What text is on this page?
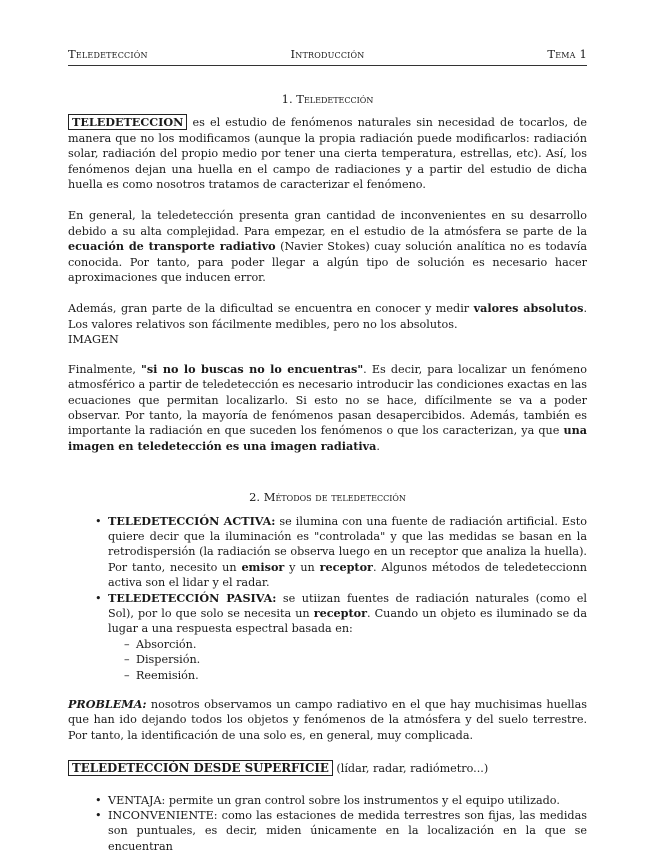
Teledetección	Introducción	Tema 1
1. Teledetección

TELEDETECCION es el estudio de fenómenos naturales sin necesidad de tocarlos, de manera que no los modificamos (aunque la propia radiación puede modificarlos: radiación solar, radiación del propio medio por tener una cierta temperatura, estrellas, etc). Así, los fenómenos dejan una huella en el campo de radiaciones y a partir del estudio de dicha huella es como nosotros tratamos de caracterizar el fenómeno.

En general, la teledetección presenta gran cantidad de inconvenientes en su desarrollo debido a su alta complejidad. Para empezar, en el estudio de la atmósfera se parte de la ecuación de transporte radiativo (Navier Stokes) cuay solución analítica no es todavía conocida. Por tanto, para poder llegar a algún tipo de solución es necesario hacer aproximaciones que inducen error.

Además, gran parte de la dificultad se encuentra en conocer y medir valores absolutos. Los valores relativos son fácilmente medibles, pero no los absolutos.
IMAGEN

Finalmente, "si no lo buscas no lo encuentras". Es decir, para localizar un fenómeno atmosférico a partir de teledetección es necesario introducir las condiciones exactas en las ecuaciones que permitan localizarlo. Si esto no se hace, difícilmente se va a poder observar. Por tanto, la mayoría de fenómenos pasan desapercibidos. Además, también es importante la radiación en que suceden los fenómenos o que los caracterizan, ya que una imagen en teledetección es una imagen radiativa.

2. Métodos de teledetección
• TELEDETECCIÓN ACTIVA: se ilumina con una fuente de radiación artificial. Esto quiere decir que la iluminación es "controlada" y que las medidas se basan en la retrodispersión (la radiación se observa luego en un receptor que analiza la huella). Por tanto, necesito un emisor y un receptor. Algunos métodos de teledeteccionn activa son el lidar y el radar.
• TELEDETECCIÓN PASIVA: se utiizan fuentes de radiación naturales (como el Sol), por lo que solo se necesita un receptor. Cuando un objeto es iluminado se da lugar a una respuesta espectral basada en:
– Absorción.
– Dispersión.
– Reemisión.

PROBLEMA: nosotros observamos un campo radiativo en el que hay muchisimas huellas que han ido dejando todos los objetos y fenómenos de la atmósfera y del suelo terrestre. Por tanto, la identificación de una solo es, en general, muy complicada.

TELEDETECCIÓN DESDE SUPERFICIE (lídar, radar, radiómetro...)

• VENTAJA: permite un gran control sobre los instrumentos y el equipo utilizado.
• INCONVENIENTE: como las estaciones de medida terrestres son fijas, las medidas son puntuales, es decir, miden únicamente en la localización en la que se encuentran
